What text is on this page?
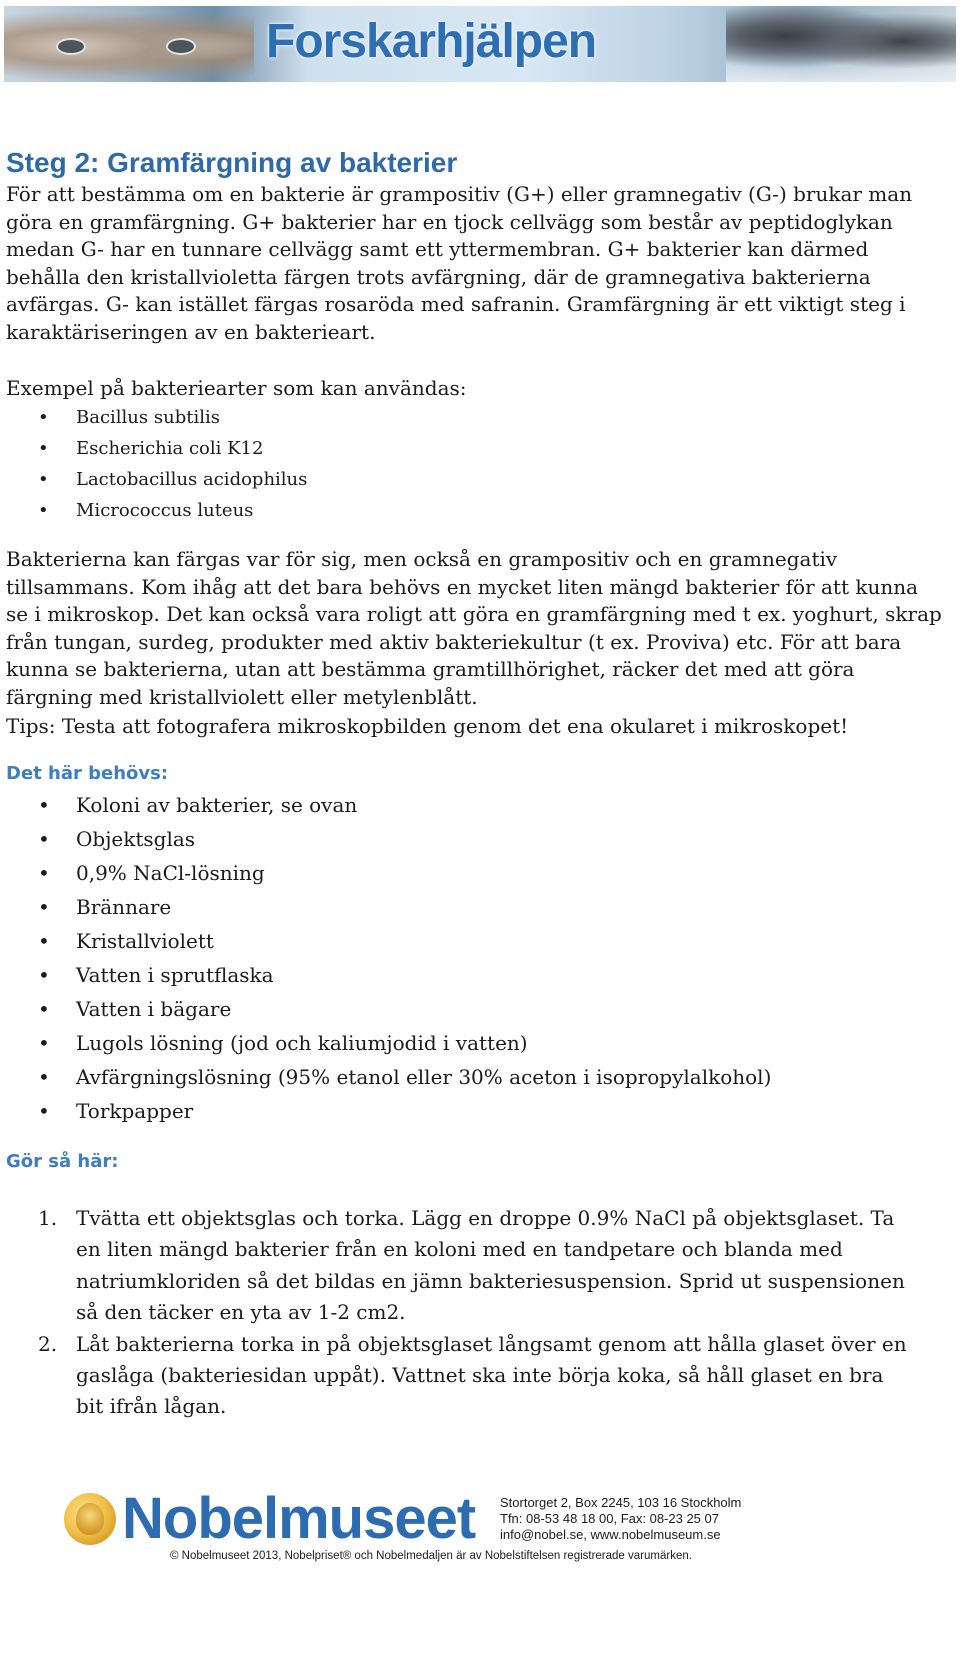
Forskarhjälpen
Steg 2: Gramfärgning av bakterier

För att bestämma om en bakterie är grampositiv (G+) eller gramnegativ (G-) brukar man göra en gramfärgning. G+ bakterier har en tjock cellvägg som består av peptidoglykan medan G- har en tunnare cellvägg samt ett yttermembran. G+ bakterier kan därmed behålla den kristallvioletta färgen trots avfärgning, där de gramnegativa bakterierna avfärgas. G- kan istället färgas rosaröda med safranin. Gramfärgning är ett viktigt steg i karaktäriseringen av en bakterieart.

Exempel på bakteriearter som kan användas:

• Bacillus subtilis
• Escherichia coli K12
• Lactobacillus acidophilus
• Micrococcus luteus

Bakterierna kan färgas var för sig, men också en grampositiv och en gramnegativ tillsammans. Kom ihåg att det bara behövs en mycket liten mängd bakterier för att kunna se i mikroskop. Det kan också vara roligt att göra en gramfärgning med t ex. yoghurt, skrap från tungan, surdeg, produkter med aktiv bakteriekultur (t ex. Proviva) etc. För att bara kunna se bakterierna, utan att bestämma gramtillhörighet, räcker det med att göra färgning med kristallviolett eller metylenblått.

Tips: Testa att fotografera mikroskopbilden genom det ena okularet i mikroskopet!

Det här behövs:
• Koloni av bakterier, se ovan
• Objektsglas
• 0,9% NaCl-lösning
• Brännare
• Kristallviolett
• Vatten i sprutflaska
• Vatten i bägare
• Lugols lösning (jod och kaliumjodid i vatten)
• Avfärgningslösning (95% etanol eller 30% aceton i isopropylalkohol)
• Torkpapper
Gör så här:
1. Tvätta ett objektsglas och torka. Lägg en droppe 0.9% NaCl på objektsglaset. Ta en liten mängd bakterier från en koloni med en tandpetare och blanda med natriumkloriden så det bildas en jämn bakteriesuspension. Sprid ut suspensionen så den täcker en yta av 1-2 cm2.
2. Låt bakterierna torka in på objektsglaset långsamt genom att hålla glaset över en gaslåga (bakteriesidan uppåt). Vattnet ska inte börja koka, så håll glaset en bra bit ifrån lågan.
Nobelmuseet Stortorget 2, Box 2245, 103 16 Stockholm
Tfn: 08-53 48 18 00, Fax: 08-23 25 07
info@nobel.se, www.nobelmuseum.se
© Nobelmuseet 2013, Nobelpriset® och Nobelmedaljen är av Nobelstiftelsen registrerade varumärken.
